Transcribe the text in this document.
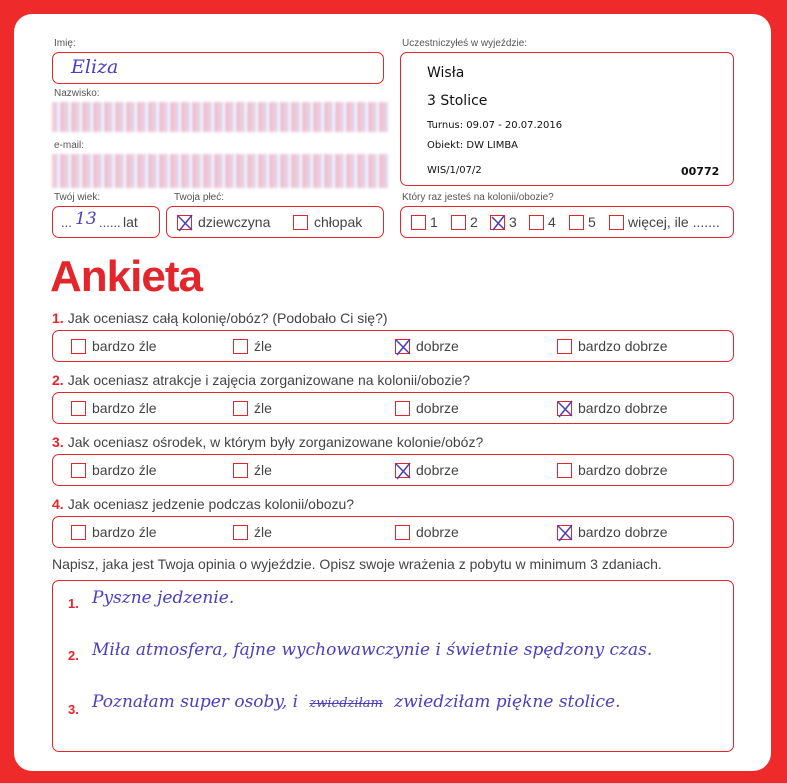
Imię:
Eliza
Nazwisko:
e-mail:
Twój wiek:
... 13 ...... lat
Twoja płeć:
dziewczyna	chłopak
Uczestniczyłeś w wyjeździe:
Wisła
3 Stolice
Turnus: 09.07 - 20.07.2016
Obiekt: DW LIMBA
WIS/1/07/2	00772
Który raz jesteś na kolonii/obozie?
1 2 3 4 5 więcej, ile .......
Ankieta
1. Jak oceniasz całą kolonię/obóz? (Podobało Ci się?)
bardzo źle	źle	dobrze	bardzo dobrze
2. Jak oceniasz atrakcje i zajęcia zorganizowane na kolonii/obozie?
bardzo źle	źle	dobrze	bardzo dobrze
3. Jak oceniasz ośrodek, w którym były zorganizowane kolonie/obóz?
bardzo źle	źle	dobrze	bardzo dobrze
4. Jak oceniasz jedzenie podczas kolonii/obozu?
bardzo źle	źle	dobrze	bardzo dobrze
Napisz, jaka jest Twoja opinia o wyjeździe. Opisz swoje wrażenia z pobytu w minimum 3 zdaniach.
1. Pyszne jedzenie.
2. Miła atmosfera, fajne wychowawczynie i świetnie spędzony czas.
3. Poznałam super osoby, i zwiedziłam zwiedziłam piękne stolice.
